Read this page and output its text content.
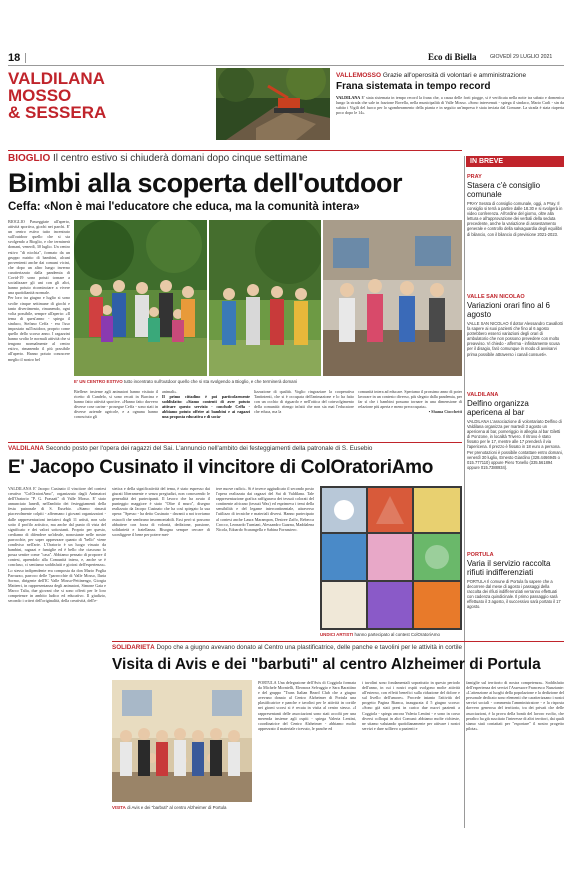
18	Eco di Biella	GIOVEDÌ 29 LUGLIO 2021
VALDILANA
MOSSO
& SESSERA
VALLEMOSSO Grazie all'operosità di volontari e amministrazione
Frana sistemata in tempo record
VALDILANA E' stata sistemata in tempo record la frana che, a causa delle forti piogge, si è verificata nella notte tra sabato e domenica lungo la strada che sale in frazione Bovella, nella municipalità di Valle Mosso. «Sono intervenuti - spiega il sindaco, Mario Carli - sin da subito i Vigili del fuoco per lo sgomberamento della pianta e in seguito un'impresa è stata inviata dal Comune. La strada è stata riaperta poco dopo le 14».
BIOGLIO Il centro estivo si chiuderà domani dopo cinque settimane
Bimbi alla scoperta dell'outdoor
Ceffa: «Non è mai l'educatore che educa, ma la comunità intera»
BIOGLIO Passeggiate all'aperto, attività sportiva, giochi nei parchi. E' un centro estivo tutto incentrato sull'outdoor quello che si sta svolgendo a Bioglio, e che terminerà domani, venerdì, 30 luglio. Un centro estivo "di nicchia", formato da un gruppo nutrito di bambini, alcuni provenienti anche dai comuni vicini, che dopo un altro lungo inverno caratterizzato dalla pandemia di Covid-19 sono potuti tornare a socializzare gli uni con gli altri, hanno potuto ricominciare a vivere una quotidianità normale.
Per loro tra giugno e luglio si sono svolte cinque settimane di giochi e tanto divertimento, rimanendo, ogni volta possibile, sempre all'aperto: «Il tema di quest'anno - spiega il sindaco, Stefano Ceffa - era l'uso impostato sull'outdoor, proprio come quello dello scorso anno. I ragazzini hanno svolto le normali attività che si tengono normalmente al centro estivo, rimanendo il più possibile all'aperto. Hanno potuto conoscere meglio il nostro bel
E' UN CENTRO ESTIVO tutto incentrato sull'outdoor quello che si sta svolgendo a Bioglio, e che terminerà domani
Biellese: insieme agli animatori hanno visitato il ricetto di Candelo, si sono recati in Burcina e hanno fatto attività sportive. «Hanno fatto davvero diverse cose carine - prosegue Ceffa - sono stati in diverse aziende agricole, e a ognuna hanno conosciuto gli
animali».
Il primo cittadino è poi particolarmente soddisfatto: «Siamo contenti di aver potuto attivare questo servizio - conclude Ceffa - abbiamo potuto offrire ai bambini e ai ragazzi una proposta educativa e di socia-
lizzazione di qualità. Voglio ringraziare la cooperativa Tantintenti, che si è occupata dell'animazione e lo ha fatto con un occhio di riguardo e nell'ottica del coinvolgimento della comunità: ritengo infatti che non sia mai l'educatore che educa, ma la
comunità intera ad educare. Speriamo il prossimo anno di poter lavorare in un contesto diverso, più slegato dalla pandemia, per far sì che i bambini possano tornare in una dimensione di relazione più aperta e meno preoccupata».
• Shama Ciocchetti
IN BREVE
PRAY
Stasera c'è consiglio comunale
PRAY Serata di consiglio comunale, oggi, a Pray. Il consiglio si terrà a partire dalle 18.30 e si svolgerà in video conferenza. All'ordine del giorno, oltre alla lettura e all'approvazione dei verbali della seduta precedente, anche la variazione di assestamento generale e controllo della salvaguardia degli equilibri di bilancio, con il bilancio di previsione 2021-2023.
VALLE SAN NICOLAO
Variazioni orari fino al 6 agosto
VALLE SAN NICOLAO Il dottor Alessandro Cavallotti fa sapere ai suoi pazienti che fino al 6 agosto potrebbero esserci variazioni degli orari di ambulatorio che non possono prevedere con molto preavviso. Vi chiedo - afferma - infinitamente scusa per il disagio, farò comunque in modo di avvisarvi prima possibile attraverso i canali consueti».
VALDILANA
Delfino organizza apericena al bar
VALDILANA L'associazione di volontariato Delfino di Valdilana organizza per martedì 3 agosto un apericena al bar, pomeriggio in allegria al bar Giletti di Ponzone, in località Trivero. Il ritrovo è stato fissato per le 17, mentre alle 17 prenderà il via l'apericena. Il prezzo è fissato in 18 euro a persona. Per prenotazioni è possibile contattare entro domani, venerdì 30 luglio, Ernesto Giardino (328.4466945 o 015.777110) oppure Piero Tonello (335.561894 oppure 015.7388934).
PORTULA
Varia il servizio raccolta rifiuti indifferenziati
PORTULA Il comune di Portula fa sapere che a decorrere dal mese di agosto i passaggi della raccolta dei rifiuti indifferenziati verranno effettuati con cadenza quindicinale. Il primo passaggio sarà effettuato il 3 agosto, il successivo sarà portato il 17 agosto.
VALDILANA Secondo posto per l'opera dei ragazzi del Sai. L'annuncio nell'ambito dei festeggiamenti della patronale di S. Eusebio
E' Jacopo Cusinato il vincitore di ColOratoriAmo
VALDILANA E' Jacopo Cusinato il vincitore del contest creativo "ColOratoriAmo", organizzato dagli Animatori dell'Oratorio "P. G. Frassati" di Valle Mosso. E' stato annunciato lunedì, nell'ambito dei festeggiamenti della festa patronale di S. Eusebio. «Siamo rimasti piacevolmente colpiti - affermano i giovani organizzatori - dalle rappresentazioni inviateci dagli 11 artisti, non solo sotto il profilo artistico, ma anche dal punto di vista del significato e dei valori sottostanti. Proprio per questo, crediamo di difendere un'ideale, nonostante nelle nostre parrocchie, per saper apprezzare quanto di "bello" viene condiviso nell'arte. L'Oratorio è un luogo vissuto da bambini, ragazzi e famiglie ed è bello che ciascuno lo possa sentire come "casa". Abbiamo pensato di proporre il contest, aprendolo alla Comunità intera, e, anche se è concluso, ci sentiamo soddisfatti e gioiosi dell'esperienza». Lo stesso indipendente era composta da don Mario Poglia Parruzzo, parroco delle 7parrocchie di Valle Mosso, Ilaria Sormo, dirigente dell'IC Valle Mosso-Pettinengo, Giorgia Matteeri, in rappresentanza degli animatori, Simone Gaia e Marco Talia, due giovani che si sono offerti per le loro competenze in ambito ludico ed educativo. Il giudizio, secondo i criteri dell'originalità, della creatività, dell'e-
stetica e della significatività del tema, è stato espresso dai giurati liberamente e senza pregiudizi, non conoscendo le generalità dei partecipanti. Il lavoro che ha avuto il punteggio maggiore è stato "Oltre il muro", disegno realizzato da Jacopo Cusinato che ha così spiegato la sua opera: "Spesso - ha detto Cusinato - davanti a noi troviamo ostacoli che sembrano insormontabili. Essi però si possono abbattere con forza di volontà, dedizione, passione, solidarietà e fratellanza. Bisogna sempre cercare di sconfiggere il bene per potere met-
tere nuove radici». Si è invece aggiudicato il secondo posto l'opera realizzata dai ragazzi del Sai di Valdilana. Tale rappresentazione grafica raffigurava dei tessuti colorati del continente africano (tessuti Wax) ed esprimeva i temi della sensibilità e del legame intercontinentale, attraverso l'utilizzo di tecniche e materiali diversi. Hanno partecipato al contest anche Laura Marampon, Desiree Zaffo, Rebecca Crocco, Leonardo Turniani, Alessandro Guarna, Maddalena Nicola, Edoardo Scarangella e Sabina Fornasiero.
UNDICI ARTISTI hanno partecipato al contest ColOratoriAmo
SOLIDARIETÀ Dopo che a giugno avevano donato al Centro una plastificatrice, delle panche e tavolini per le attività in cortile
Visita di Avis e dei "barbuti" al centro Alzheimer di Portula
VISITA di Avis e dei "barbuti" al centro Alzheimer di Portula
PORTULA Una delegazione dell'Avis di Coggiola formata da Michele Mornielli, Eleonora Selvaggio e Sara Barattino e del gruppo "Trans Italian Beard Club che a giugno avevano donato al Centro Alzheimer di Portula una plastificatrice e panche e tavolini per le attività in cortile nei giorni scorsi si è recata in visita al centro stesso. «I rappresentanti delle associazioni sono stati accolti per una merenda insieme agli ospiti - spiega Valeria Lentini, coordinatrice del Centro Alzheimer - abbiamo molto apprezzato il materiale ricevuto, le panche ed
i tavolini sono fondamentali soprattutto in questo periodo dell'anno, in cui i nostri ospiti svolgono molte attività all'esterno, con effetti benefici sulla riduzione del dolore e sul livello dell'umore». Procede intanto l'attività del progetto Pagina Bianca, inaugurata il 5 giugno scorso: «Sono già stati presi in carico due nuovi pazienti a Coggiola - spiega ancora Valeria Lentini - e sono in corso diversi colloqui in altri Comuni: abbiamo molte richieste, ne stiamo valutando quotidianamente per attivare i nostri servizi e dare sollievo a pazienti e
famiglie sul territorio di nostra competenza». Soddisfatto dell'esperienza dei servizi l'Assessore Francesco Nunziante: «L'attenzione ai luoghi della popolazione e la dedizione del personale dedicato sono elementi che caratterizzano i nostri servizi sociali - commenta l'amministratore - e la risposta davvero generosa del territorio, tra dei privati che delle associazioni, è la prova della bontà del lavoro svolto, che peraltro ha già suscitato l'interesse di altri territori, dai quali siamo stati contattati per "esportare" il nostro progetto pilota».
